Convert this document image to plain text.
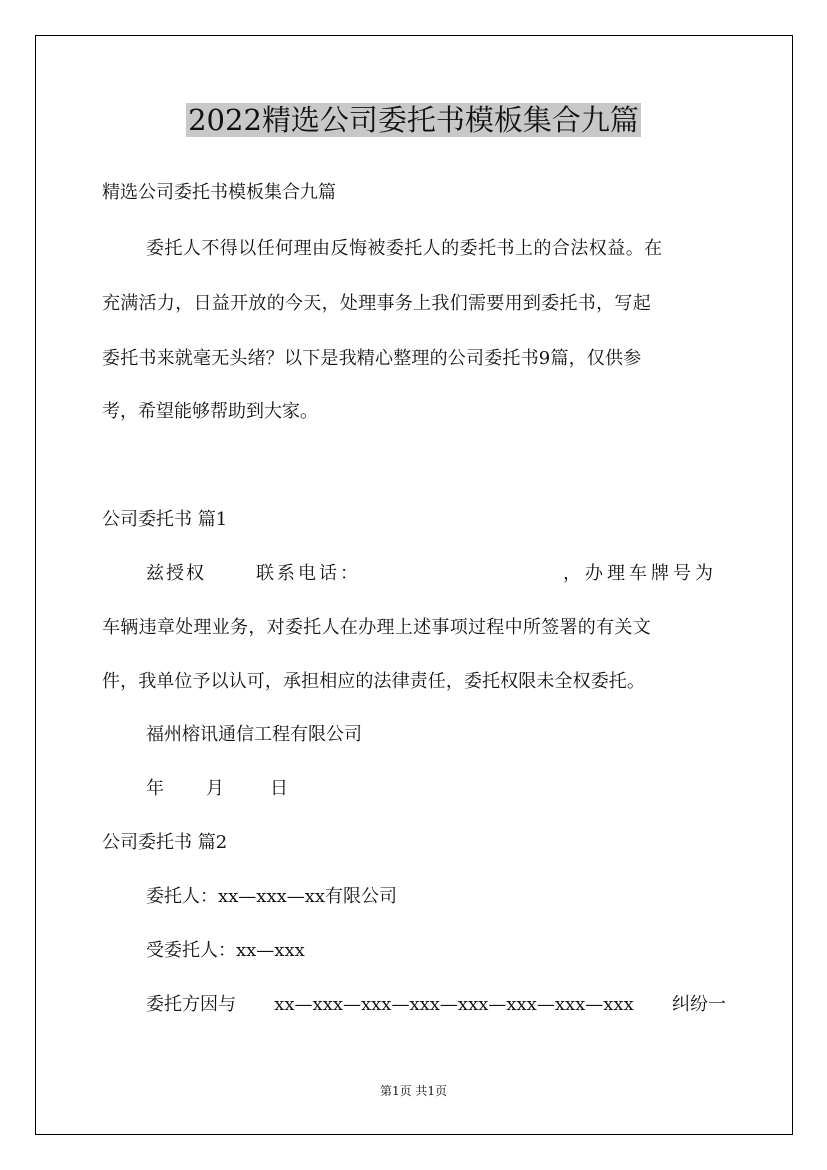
2022精选公司委托书模板集合九篇
精选公司委托书模板集合九篇
委托人不得以任何理由反悔被委托人的委托书上的合法权益。在
充满活力，日益开放的今天，处理事务上我们需要用到委托书，写起
委托书来就毫无头绪？以下是我精心整理的公司委托书9篇，仅供参
考，希望能够帮助到大家。
公司委托书 篇1
兹授权	联系电话：	，办理车牌号为
车辆违章处理业务，对委托人在办理上述事项过程中所签署的有关文
件，我单位予以认可，承担相应的法律责任，委托权限未全权委托。
福州榕讯通信工程有限公司
年 月	日
公司委托书 篇2
委托人：xx—xxx—xx有限公司
受委托人：xx—xxx
委托方因与 xx—xxx—xxx—xxx—xxx—xxx—xxx—xxx 纠纷一
第1页 共1页
